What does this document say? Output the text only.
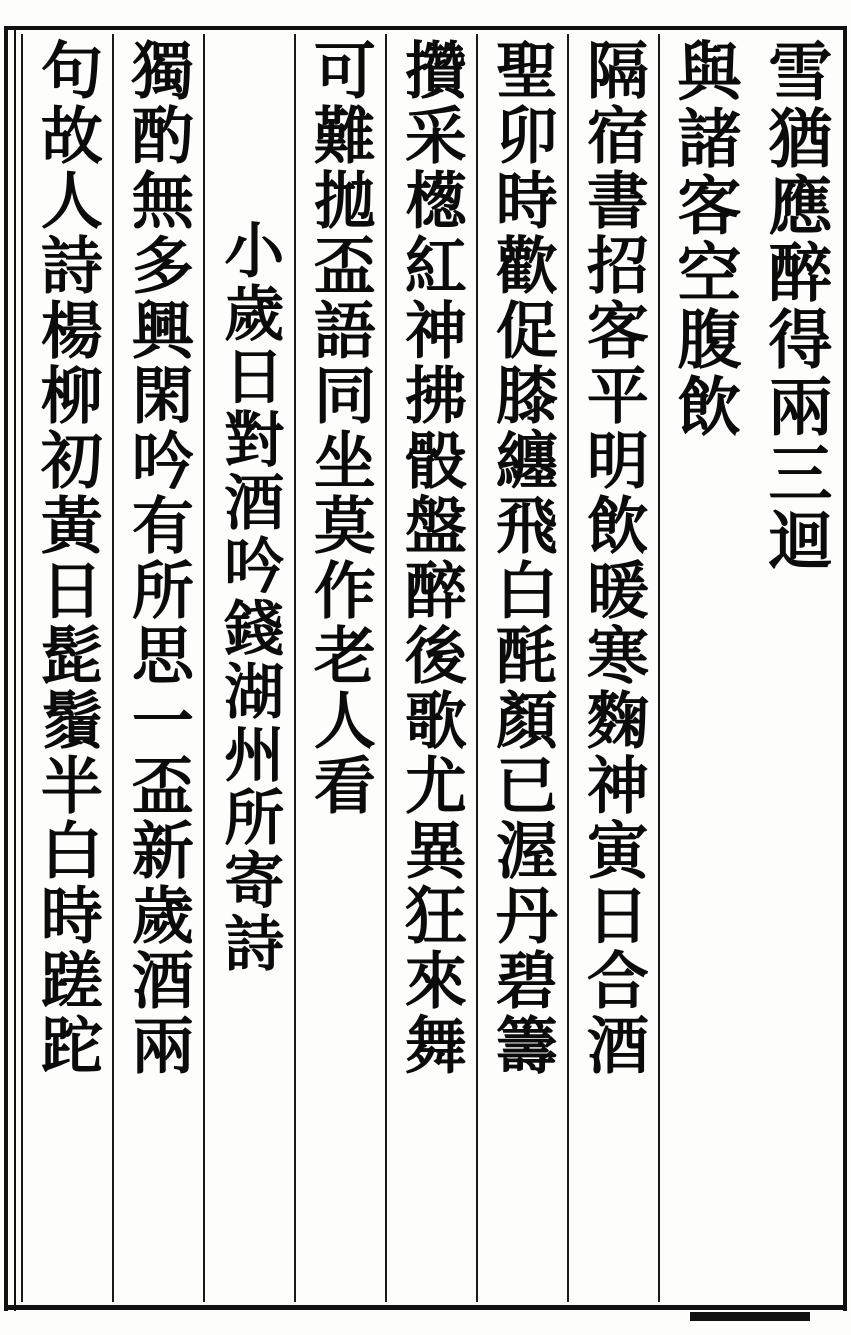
雪猶應醉得兩三迴
與諸客空腹飲
隔宿書招客平明飲暖寒麴神寅日合酒
聖卯時歡促膝纏飛白酕顏已渥丹碧籌
攢采檧紅神拂骰盤醉後歌尤異狂來舞
可難拋盃語同坐莫作老人看
小歲日對酒吟錢湖州所寄詩
獨酌無多興閑吟有所思一盃新歲酒兩
句故人詩楊柳初黃日髭鬚半白時蹉跎
